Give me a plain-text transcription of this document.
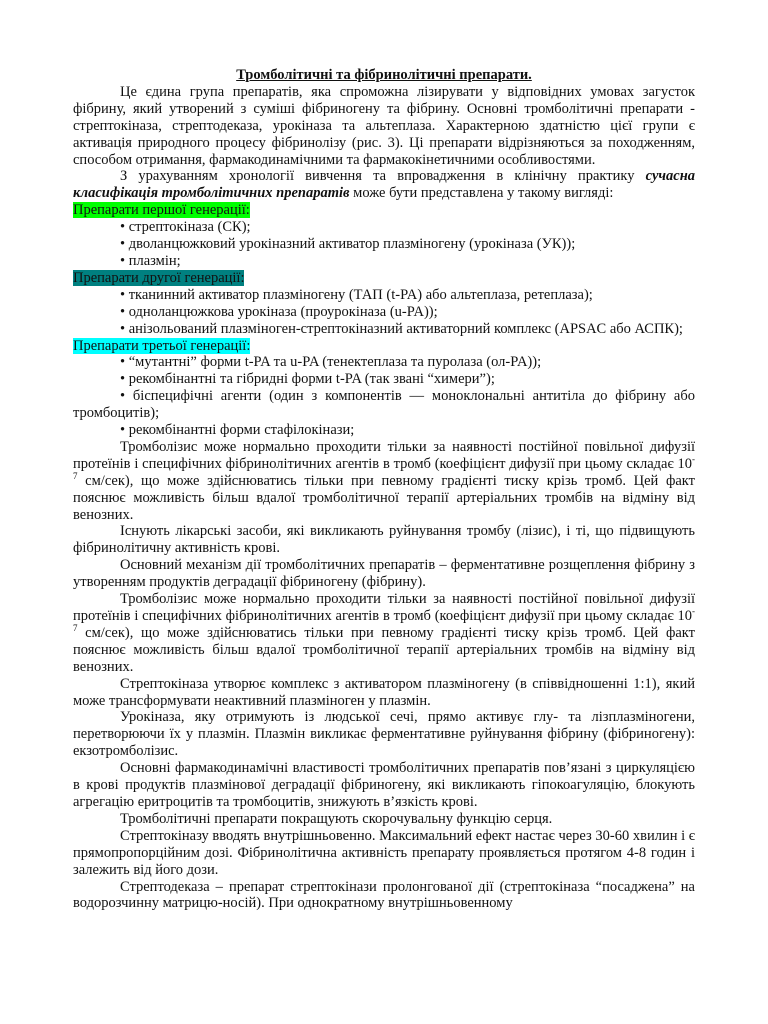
Тромболітичні та фібринолітичні препарати.

Це єдина група препаратів, яка спроможна лізирувати у відповідних умовах загусток фібрину, який утворений з суміші фібриногену та фібрину. Основні тромболітичні препарати - стрептокіназа, стрептодеказа, урокіназа та альтеплаза. Характерною здатністю цієї групи є активація природного процесу фібринолізу (рис. 3). Ці препарати відрізняються за походженням, способом отримання, фармакодинамічними та фармакокінетичними особливостями.

З урахуванням хронології вивчення та впровадження в клінічну практику сучасна класифікація тромболітичних препаратів може бути представлена у такому вигляді:

Препарати першої генерації:

• стрептокіназа (СК);

• дволанцюжковий урокіназний активатор плазміногену (урокіназа (УК));

• плазмін;

Препарати другої генерації:

• тканинний активатор плазміногену (ТАП (t-PA) або альтеплаза, ретеплаза);

• одноланцюжкова урокіназа (проурокіназа (u-PA));

• анізольований плазміноген-стрептокіназний активаторний комплекс (APSAC або АСПК);

Препарати третьої генерації:

• “мутантні” форми t-PA та u-PA (тенектеплаза та пуролаза (ол-PA));

• рекомбінантні та гібридні форми t-PA (так звані “химери”);

• біспецифічні агенти (один з компонентів — моноклональні антитіла до фібрину або тромбоцитів);

• рекомбінантні форми стафілокінази;

Тромболізис може нормально проходити тільки за наявності постійної повільної дифузії протеїнів і специфічних фібринолітичних агентів в тромб (коефіцієнт дифузії при цьому складає $10^{-7}$ см/сек), що може здійснюватись тільки при певному градієнті тиску крізь тромб. Цей факт пояснює можливість більш вдалої тромболітичної терапії артеріальних тромбів на відміну від венозних.

Існують лікарські засоби, які викликають руйнування тромбу (лізис), і ті, що підвищують фібринолітичну активність крові.

Основний механізм дії тромболітичних препаратів – ферментативне розщеплення фібрину з утворенням продуктів деградації фібриногену (фібрину).

Тромболізис може нормально проходити тільки за наявності постійної повільної дифузії протеїнів і специфічних фібринолітичних агентів в тромб (коефіцієнт дифузії при цьому складає $10^{-7}$ см/сек), що може здійснюватись тільки при певному градієнті тиску крізь тромб. Цей факт пояснює можливість більш вдалої тромболітичної терапії артеріальних тромбів на відміну від венозних.

Стрептокіназа утворює комплекс з активатором плазміногену (в співвідношенні 1:1), який може трансформувати неактивний плазміноген у плазмін.

Урокіназа, яку отримують із людської сечі, прямо активує глу- та лізплазміногени, перетворюючи їх у плазмін. Плазмін викликає ферментативне руйнування фібрину (фібриногену): екзотромболізис.

Основні фармакодинамічні властивості тромболітичних препаратів пов’язані з циркуляцією в крові продуктів плазмінової деградації фібриногену, які викликають гіпокоагуляцію, блокують агрегацію еритроцитів та тромбоцитів, знижують в’язкість крові.

Тромболітичні препарати покращують скорочувальну функцію серця.

Стрептокіназу вводять внутрішньовенно. Максимальний ефект настає через 30-60 хвилин і є прямопропорційним дозі. Фібринолітична активність препарату проявляється протягом 4-8 годин і залежить від його дози.

Стрептодеказа – препарат стрептокінази пролонгованої дії (стрептокіназа “посаджена” на водорозчинну матрицю-носій). При однократному внутрішньовенному
